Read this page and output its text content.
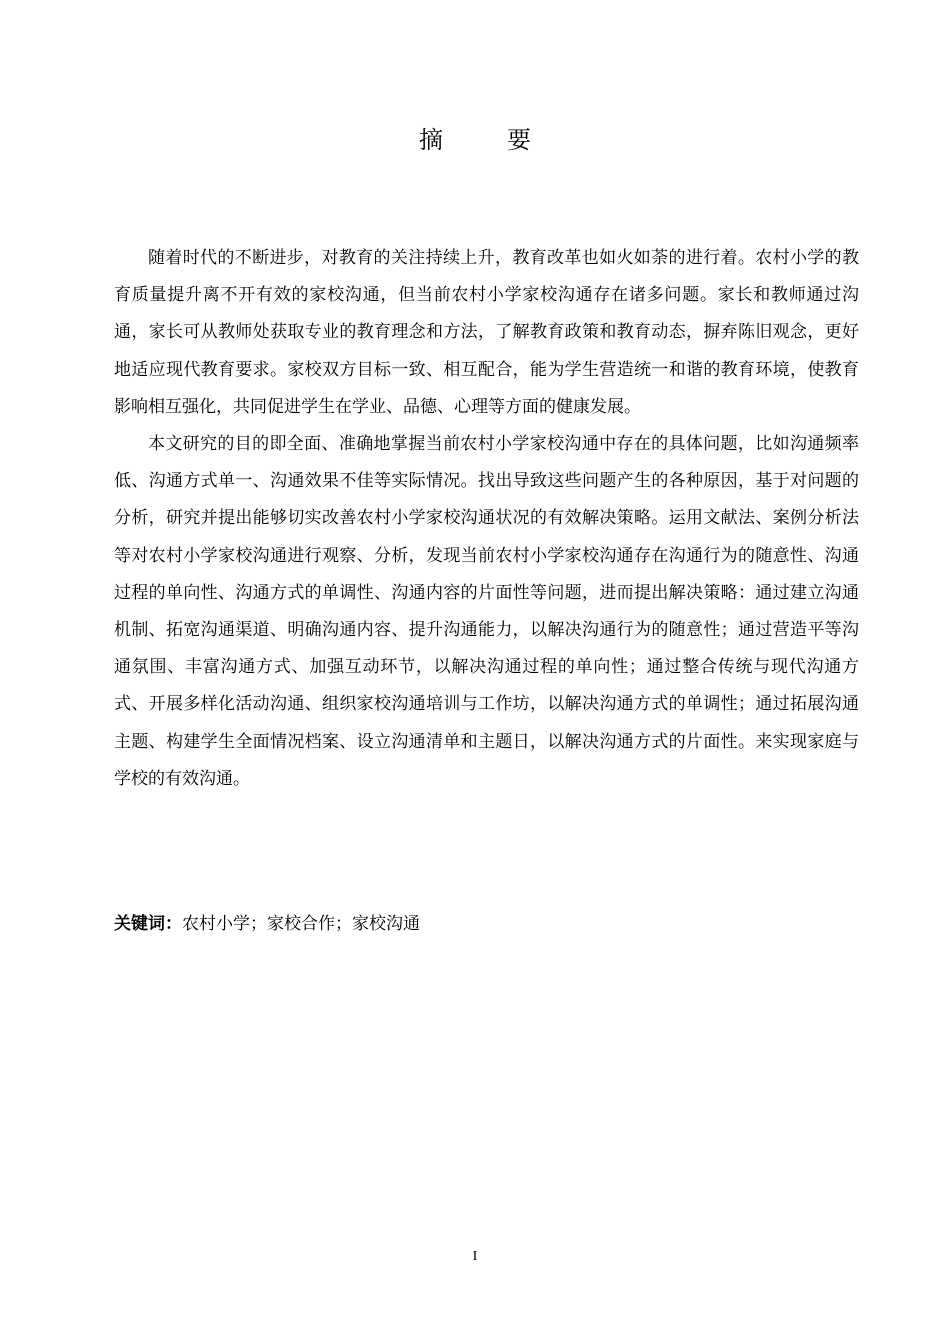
摘　要

随着时代的不断进步，对教育的关注持续上升，教育改革也如火如荼的进行着。农村小学的教育质量提升离不开有效的家校沟通，但当前农村小学家校沟通存在诸多问题。家长和教师通过沟通，家长可从教师处获取专业的教育理念和方法，了解教育政策和教育动态，摒弃陈旧观念，更好地适应现代教育要求。家校双方目标一致、相互配合，能为学生营造统一和谐的教育环境，使教育影响相互强化，共同促进学生在学业、品德、心理等方面的健康发展。

本文研究的目的即全面、准确地掌握当前农村小学家校沟通中存在的具体问题，比如沟通频率低、沟通方式单一、沟通效果不佳等实际情况。找出导致这些问题产生的各种原因，基于对问题的分析，研究并提出能够切实改善农村小学家校沟通状况的有效解决策略。运用文献法、案例分析法等对农村小学家校沟通进行观察、分析，发现当前农村小学家校沟通存在沟通行为的随意性、沟通过程的单向性、沟通方式的单调性、沟通内容的片面性等问题，进而提出解决策略：通过建立沟通机制、拓宽沟通渠道、明确沟通内容、提升沟通能力，以解决沟通行为的随意性；通过营造平等沟通氛围、丰富沟通方式、加强互动环节，以解决沟通过程的单向性；通过整合传统与现代沟通方式、开展多样化活动沟通、组织家校沟通培训与工作坊，以解决沟通方式的单调性；通过拓展沟通主题、构建学生全面情况档案、设立沟通清单和主题日，以解决沟通方式的片面性。来实现家庭与学校的有效沟通。

关键词：农村小学；家校合作；家校沟通
I
